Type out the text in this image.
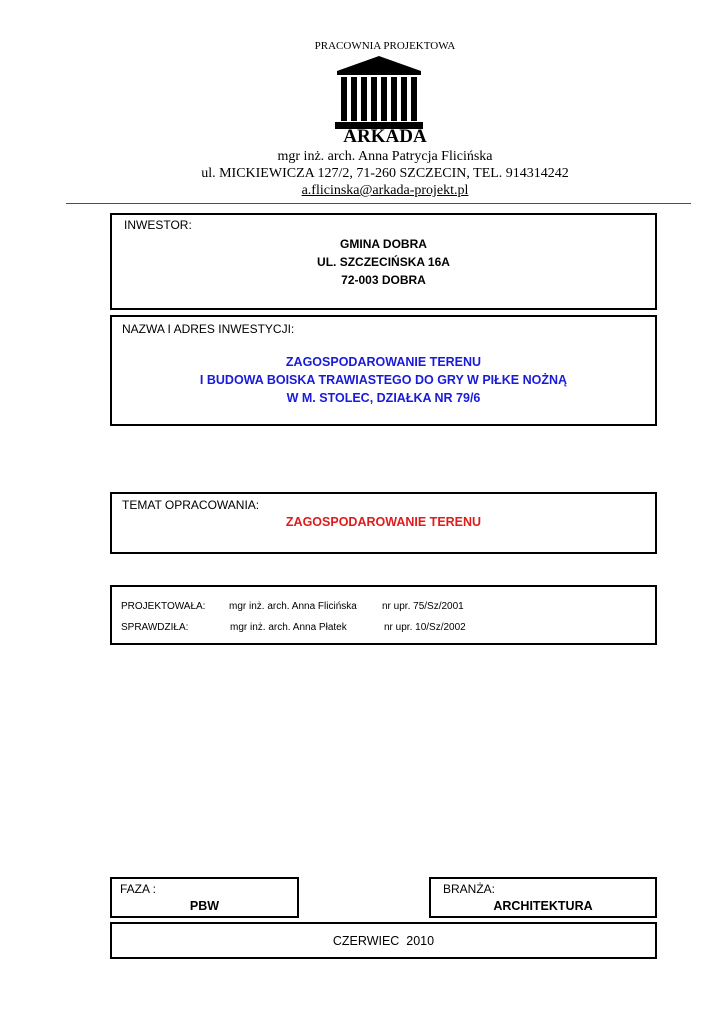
PRACOWNIA PROJEKTOWA
ARKADA
mgr inż. arch. Anna Patrycja Flicińska
ul. MICKIEWICZA 127/2, 71-260 SZCZECIN, TEL. 914314242
a.flicinska@arkada-projekt.pl
INWESTOR:
GMINA DOBRA
UL. SZCZECIŃSKA 16A
72-003 DOBRA
NAZWA I ADRES INWESTYCJI:
ZAGOSPODAROWANIE TERENU
I BUDOWA BOISKA TRAWIASTEGO DO GRY W PIŁKE NOŻNĄ
W M. STOLEC, DZIAŁKA NR 79/6
TEMAT OPRACOWANIA:
ZAGOSPODAROWANIE TERENU
PROJEKTOWAŁA: mgr inż. arch. Anna Flicińska	nr upr. 75/Sz/2001
SPRAWDZIŁA:	mgr inż. arch. Anna Płatek	nr upr. 10/Sz/2002
FAZA :
PBW
BRANŻA:
ARCHITEKTURA
CZERWIEC  2010
